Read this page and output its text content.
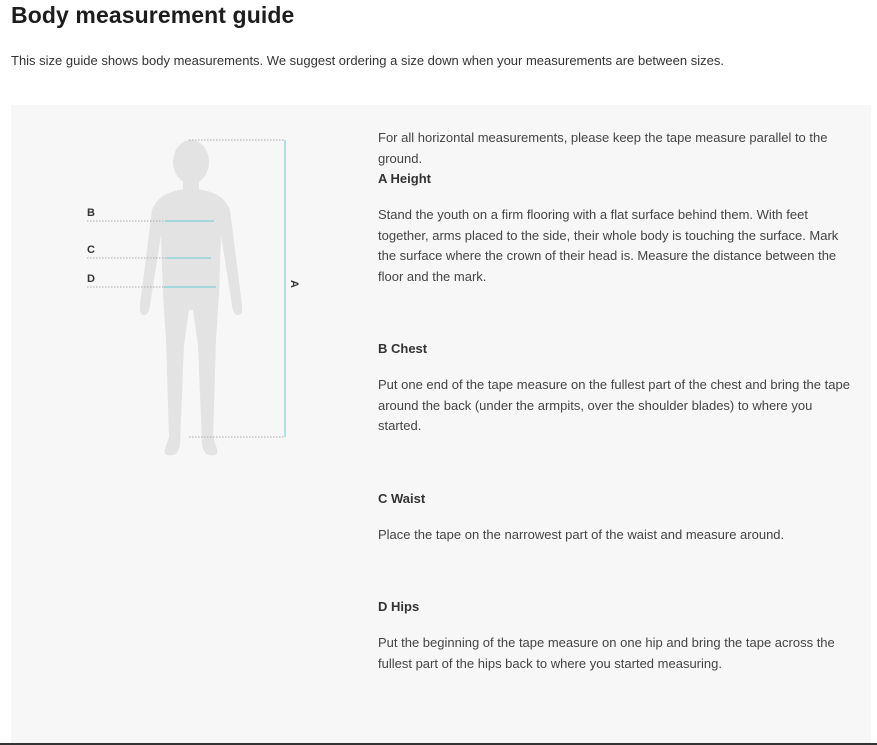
Body measurement guide

This size guide shows body measurements. We suggest ordering a size down when your measurements are between sizes.

B
C
D	A

For all horizontal measurements, please keep the tape measure parallel to the ground.

A Height

Stand the youth on a firm flooring with a flat surface behind them. With feet together, arms placed to the side, their whole body is touching the surface. Mark the surface where the crown of their head is. Measure the distance between the floor and the mark.

B Chest

Put one end of the tape measure on the fullest part of the chest and bring the tape around the back (under the armpits, over the shoulder blades) to where you started.

C Waist

Place the tape on the narrowest part of the waist and measure around.

D Hips

Put the beginning of the tape measure on one hip and bring the tape across the fullest part of the hips back to where you started measuring.
